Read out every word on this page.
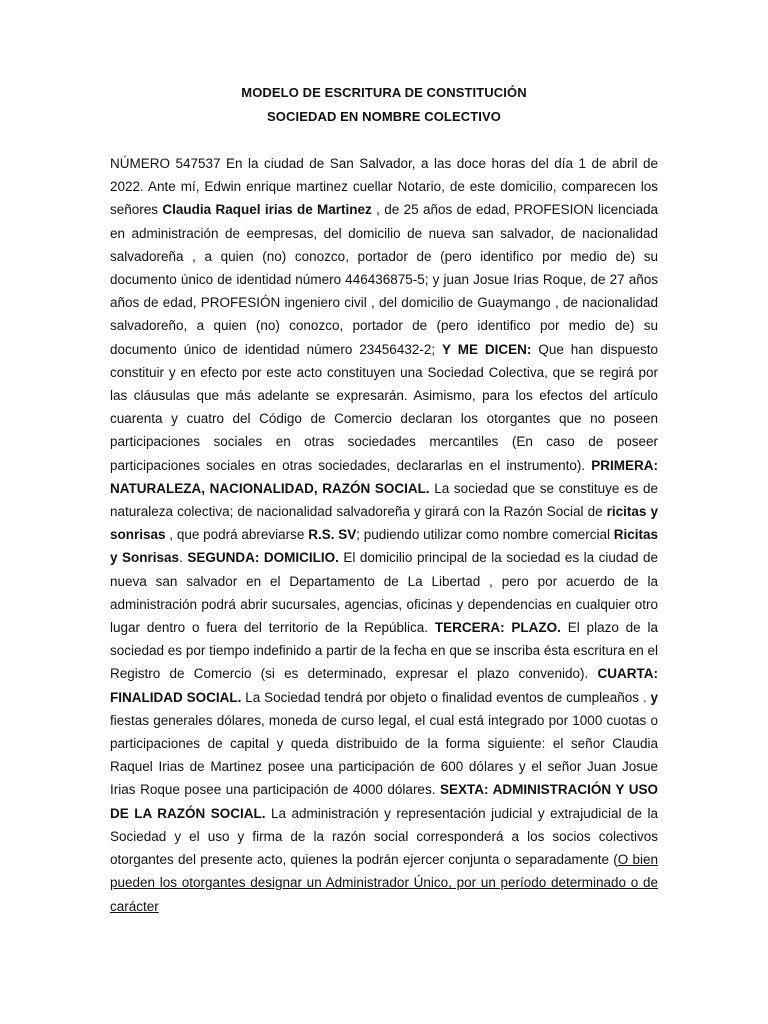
MODELO DE ESCRITURA DE CONSTITUCIÓN
SOCIEDAD EN NOMBRE COLECTIVO
NÚMERO 547537 En la ciudad de San Salvador, a las doce horas del día 1 de abril de 2022. Ante mí, Edwin enrique martinez cuellar Notario, de este domicilio, comparecen los señores Claudia Raquel irias de Martinez , de 25 años de edad, PROFESION licenciada en administración de eempresas, del domicilio de nueva san salvador, de nacionalidad salvadoreña , a quien (no) conozco, portador de (pero identifico por medio de) su documento único de identidad número 446436875-5; y juan Josue Irias Roque, de 27 años años de edad, PROFESIÓN ingeniero civil , del domicilio de Guaymango , de nacionalidad salvadoreño, a quien (no) conozco, portador de (pero identifico por medio de) su documento único de identidad número 23456432-2; Y ME DICEN: Que han dispuesto constituir y en efecto por este acto constituyen una Sociedad Colectiva, que se regirá por las cláusulas que más adelante se expresarán. Asimismo, para los efectos del artículo cuarenta y cuatro del Código de Comercio declaran los otorgantes que no poseen participaciones sociales en otras sociedades mercantiles (En caso de poseer participaciones sociales en otras sociedades, declararlas en el instrumento). PRIMERA: NATURALEZA, NACIONALIDAD, RAZÓN SOCIAL. La sociedad que se constituye es de naturaleza colectiva; de nacionalidad salvadoreña y girará con la Razón Social de ricitas y sonrisas , que podrá abreviarse R.S. SV; pudiendo utilizar como nombre comercial Ricitas y Sonrisas. SEGUNDA: DOMICILIO. El domicilio principal de la sociedad es la ciudad de nueva san salvador en el Departamento de La Libertad , pero por acuerdo de la administración podrá abrir sucursales, agencias, oficinas y dependencias en cualquier otro lugar dentro o fuera del territorio de la República. TERCERA: PLAZO. El plazo de la sociedad es por tiempo indefinido a partir de la fecha en que se inscriba ésta escritura en el Registro de Comercio (si es determinado, expresar el plazo convenido). CUARTA: FINALIDAD SOCIAL. La Sociedad tendrá por objeto o finalidad eventos de cumpleaños . y fiestas generales dólares, moneda de curso legal, el cual está integrado por 1000 cuotas o participaciones de capital y queda distribuido de la forma siguiente: el señor Claudia Raquel Irias de Martinez posee una participación de 600 dólares y el señor Juan Josue Irias Roque posee una participación de 4000 dólares. SEXTA: ADMINISTRACIÓN Y USO DE LA RAZÓN SOCIAL. La administración y representación judicial y extrajudicial de la Sociedad y el uso y firma de la razón social corresponderá a los socios colectivos otorgantes del presente acto, quienes la podrán ejercer conjunta o separadamente (O bien pueden los otorgantes designar un Administrador Único, por un período determinado o de carácter
